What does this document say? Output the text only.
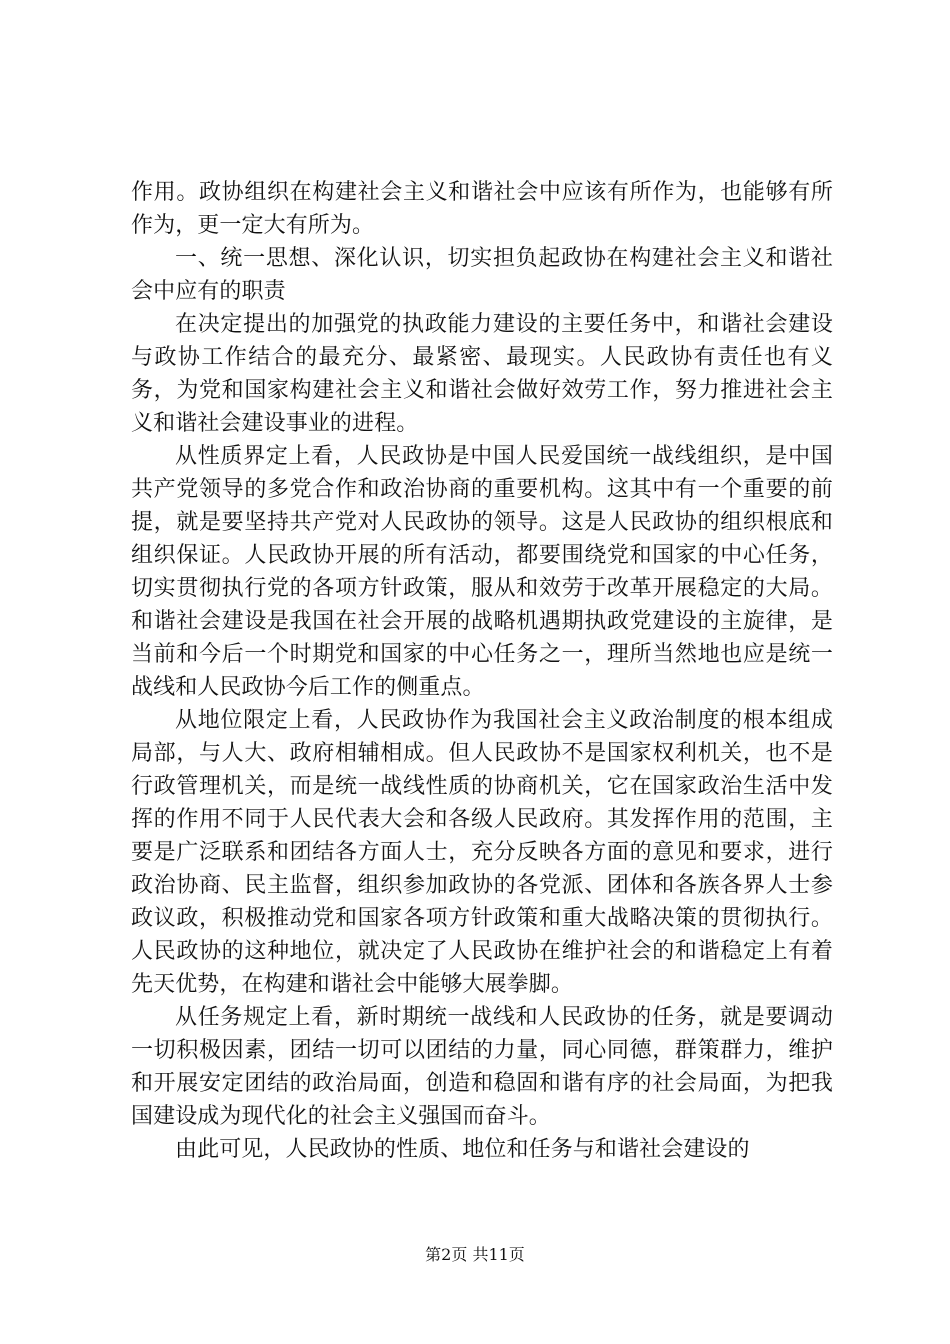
作用。政协组织在构建社会主义和谐社会中应该有所作为，也能够有所作为，更一定大有所为。

一、统一思想、深化认识，切实担负起政协在构建社会主义和谐社会中应有的职责

在决定提出的加强党的执政能力建设的主要任务中，和谐社会建设与政协工作结合的最充分、最紧密、最现实。人民政协有责任也有义务，为党和国家构建社会主义和谐社会做好效劳工作，努力推进社会主义和谐社会建设事业的进程。

从性质界定上看，人民政协是中国人民爱国统一战线组织，是中国共产党领导的多党合作和政治协商的重要机构。这其中有一个重要的前提，就是要坚持共产党对人民政协的领导。这是人民政协的组织根底和组织保证。人民政协开展的所有活动，都要围绕党和国家的中心任务，切实贯彻执行党的各项方针政策，服从和效劳于改革开展稳定的大局。和谐社会建设是我国在社会开展的战略机遇期执政党建设的主旋律，是当前和今后一个时期党和国家的中心任务之一，理所当然地也应是统一战线和人民政协今后工作的侧重点。

从地位限定上看，人民政协作为我国社会主义政治制度的根本组成局部，与人大、政府相辅相成。但人民政协不是国家权利机关，也不是行政管理机关，而是统一战线性质的协商机关，它在国家政治生活中发挥的作用不同于人民代表大会和各级人民政府。其发挥作用的范围，主要是广泛联系和团结各方面人士，充分反映各方面的意见和要求，进行政治协商、民主监督，组织参加政协的各党派、团体和各族各界人士参政议政，积极推动党和国家各项方针政策和重大战略决策的贯彻执行。人民政协的这种地位，就决定了人民政协在维护社会的和谐稳定上有着先天优势，在构建和谐社会中能够大展拳脚。

从任务规定上看，新时期统一战线和人民政协的任务，就是要调动一切积极因素，团结一切可以团结的力量，同心同德，群策群力，维护和开展安定团结的政治局面，创造和稳固和谐有序的社会局面，为把我国建设成为现代化的社会主义强国而奋斗。

由此可见，人民政协的性质、地位和任务与和谐社会建设的

第2页 共11页
